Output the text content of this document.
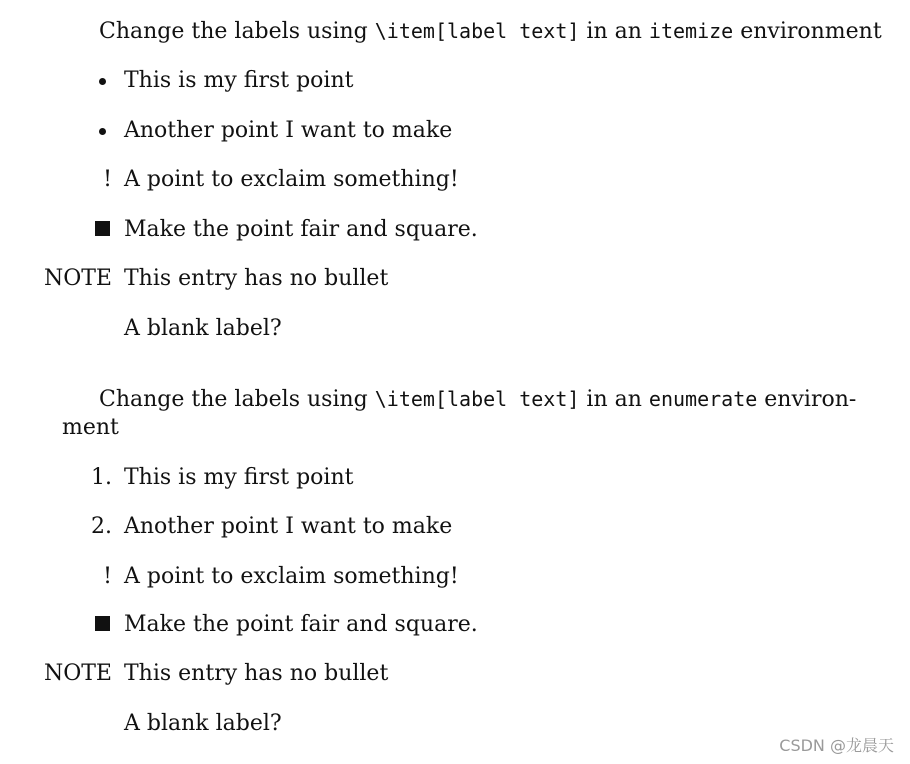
Change the labels using \item[label text] in an itemize environment
This is my first point
Another point I want to make
! A point to exclaim something!
Make the point fair and square.
NOTE This entry has no bullet
A blank label?
Change the labels using \item[label text] in an enumerate environ-
ment
1. This is my first point
2. Another point I want to make
! A point to exclaim something!
Make the point fair and square.
NOTE This entry has no bullet
A blank label?
CSDN @龙晨天
